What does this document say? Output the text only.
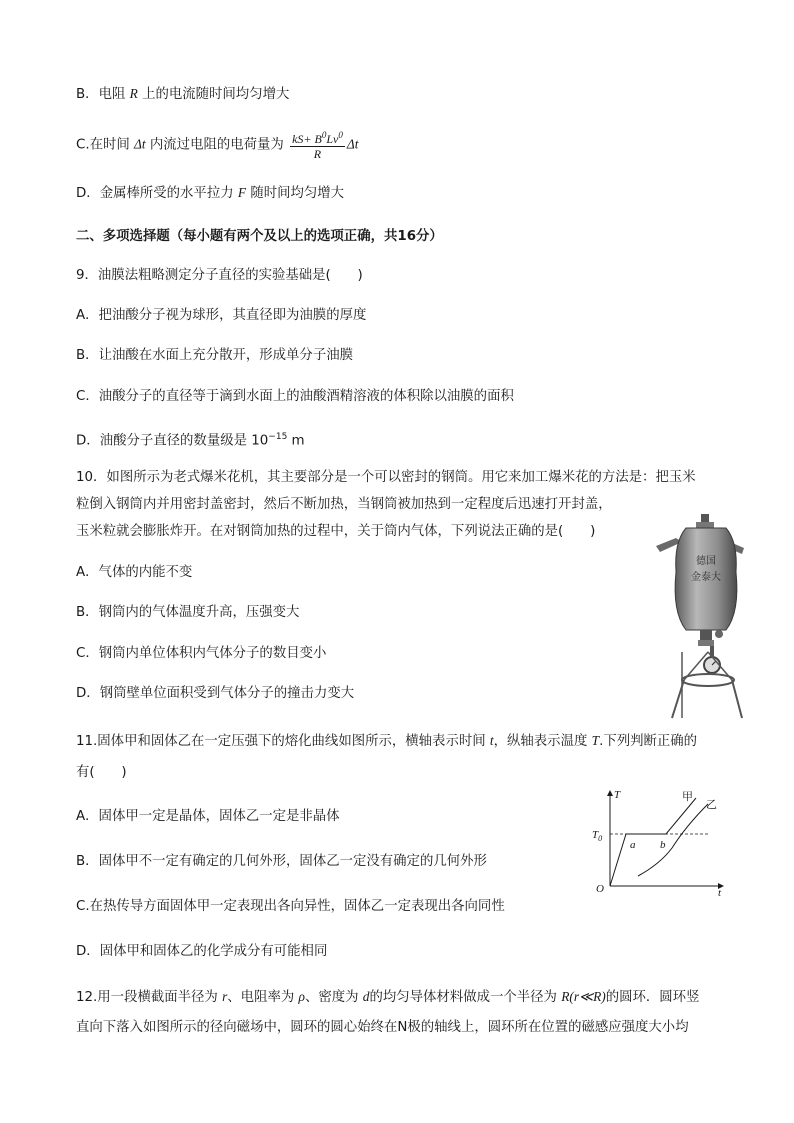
B．电阻 R 上的电流随时间均匀增大
C.在时间 Δt 内流过电阻的电荷量为 $\frac{kS+ B^0Lv^0}{R}$ Δt
D．金属棒所受的水平拉力 F 随时间均匀增大
二、多项选择题（每小题有两个及以上的选项正确，共16分）
9．油膜法粗略测定分子直径的实验基础是(　　)
A．把油酸分子视为球形，其直径即为油膜的厚度
B．让油酸在水面上充分散开，形成单分子油膜
C．油酸分子的直径等于滴到水面上的油酸酒精溶液的体积除以油膜的面积
D．油酸分子直径的数量级是 $10^{-15}$ m
10．如图所示为老式爆米花机，其主要部分是一个可以密封的钢筒。用它来加工爆米花的方法是：把玉米
粒倒入钢筒内并用密封盖密封，然后不断加热，当钢筒被加热到一定程度后迅速打开封盖，
玉米粒就会膨胀炸开。在对钢筒加热的过程中，关于筒内气体，下列说法正确的是(　　)
A．气体的内能不变
B．钢筒内的气体温度升高，压强变大
C．钢筒内单位体积内气体分子的数目变小
D．钢筒壁单位面积受到气体分子的撞击力变大
德国
金泰大
11.固体甲和固体乙在一定压强下的熔化曲线如图所示，横轴表示时间 t，纵轴表示温度 T.下列判断正确的
有(　　)
A．固体甲一定是晶体，固体乙一定是非晶体
B．固体甲不一定有确定的几何外形，固体乙一定没有确定的几何外形
C.在热传导方面固体甲一定表现出各向异性，固体乙一定表现出各向同性
D．固体甲和固体乙的化学成分有可能相同
T
t
O
$T_0$
a b
甲
乙
12.用一段横截面半径为 r、电阻率为 ρ、密度为 d的均匀导体材料做成一个半径为 R(r≪R)的圆环．圆环竖
直向下落入如图所示的径向磁场中，圆环的圆心始终在N极的轴线上，圆环所在位置的磁感应强度大小均
